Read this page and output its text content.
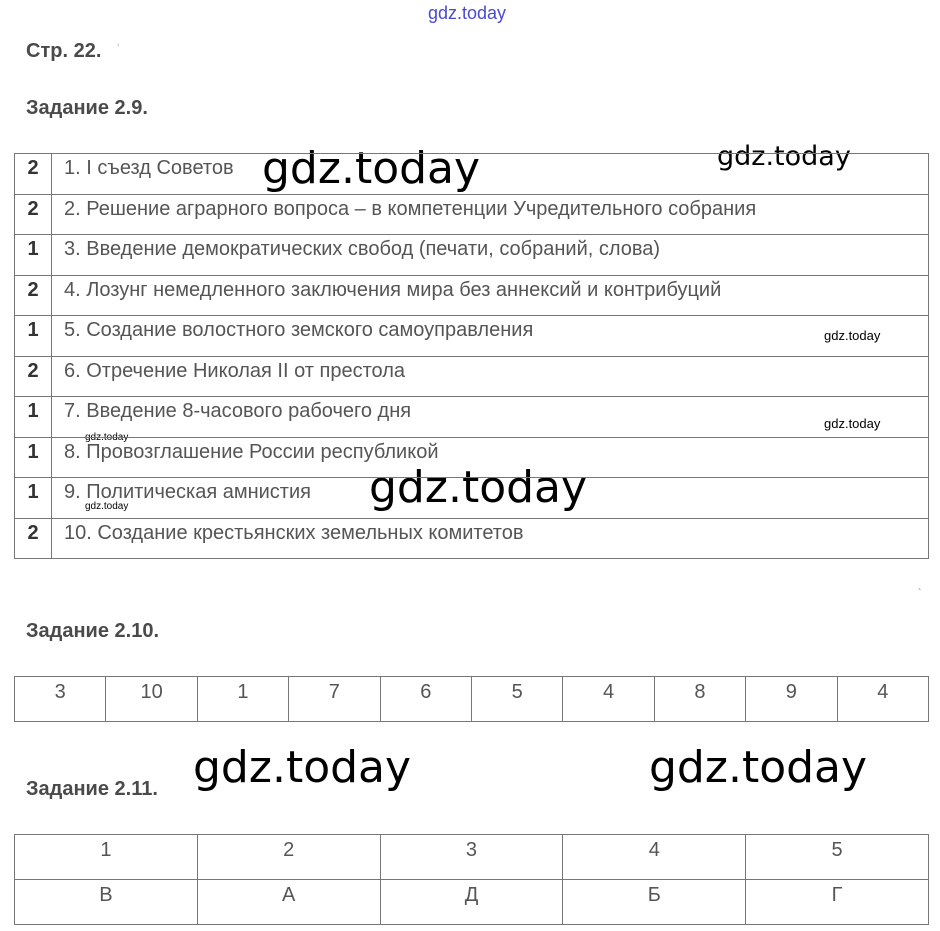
gdz.today
gdz.today	gdz.today
gdz.today
gdz.today
gdz.today
gdz.today	gdz.today
gdz.today	gdz.today
'
`
Стр. 22.
Задание 2.9.
2	1. I съезд Советов
2	2. Решение аграрного вопроса – в компетенции Учредительного собрания
1	3. Введение демократических свобод (печати, собраний, слова)
2	4. Лозунг немедленного заключения мира без аннексий и контрибуций
1	5. Создание волостного земского самоуправления
2	6. Отречение Николая II от престола
1	7. Введение 8-часового рабочего дня
1	8. Провозглашение России республикой
1	9. Политическая амнистия
2	10. Создание крестьянских земельных комитетов
Задание 2.10.
3	10	1	7	6	5	4	8	9	4
Задание 2.11.
1	2	3	4	5
В	А	Д	Б	Г
